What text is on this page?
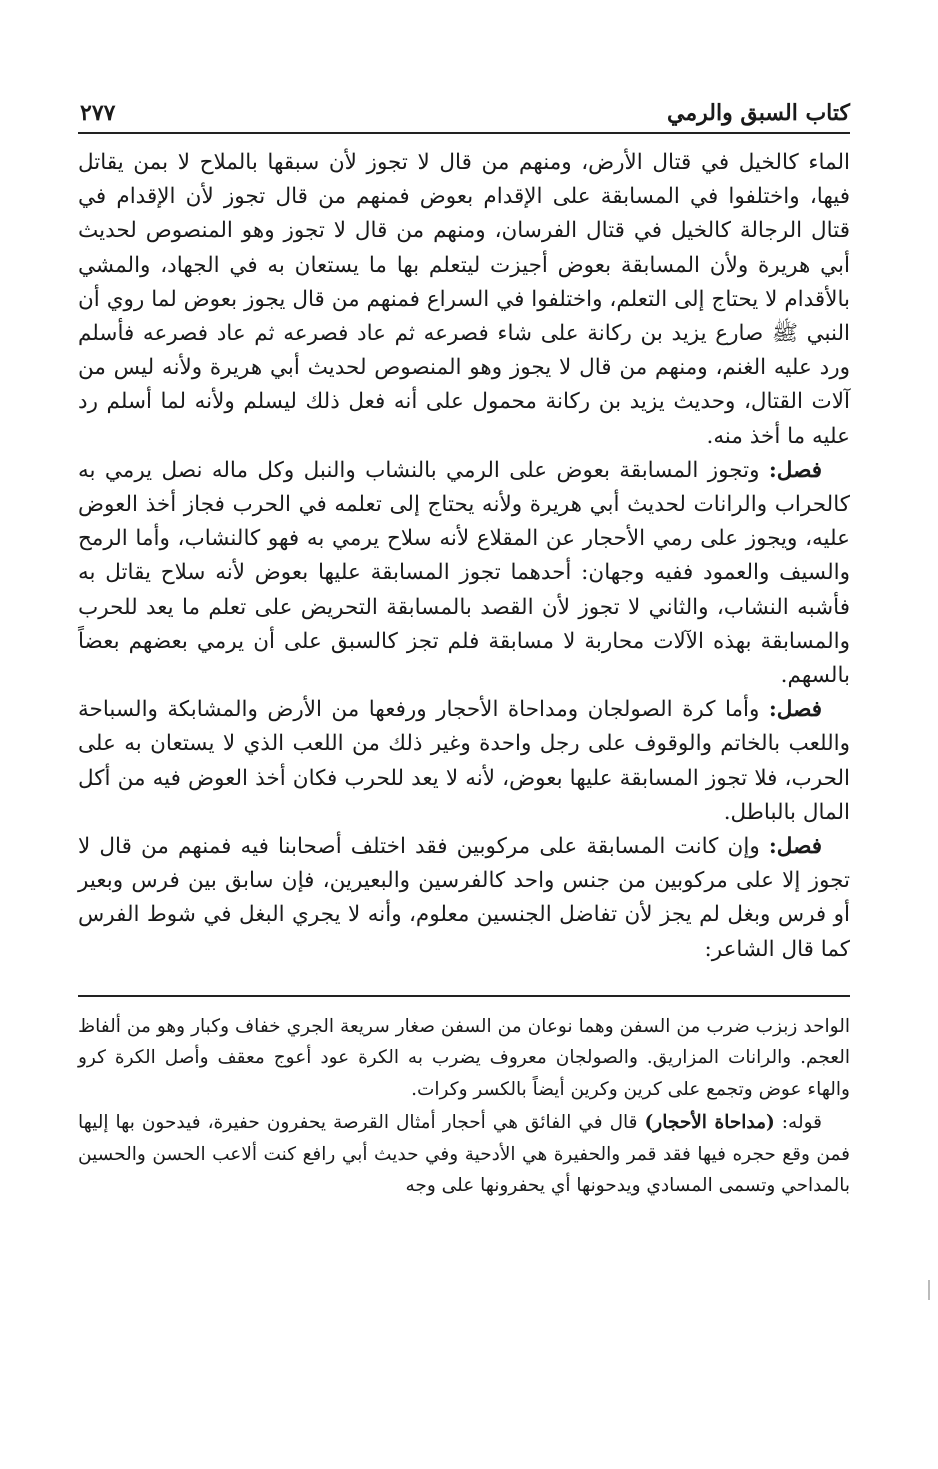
كتاب السبق والرمي
٢٧٧

الماء كالخيل في قتال الأرض، ومنهم من قال لا تجوز لأن سبقها بالملاح لا بمن يقاتل فيها، واختلفوا في المسابقة على الإقدام بعوض فمنهم من قال تجوز لأن الإقدام في قتال الرجالة كالخيل في قتال الفرسان، ومنهم من قال لا تجوز وهو المنصوص لحديث أبي هريرة ولأن المسابقة بعوض أجيزت ليتعلم بها ما يستعان به في الجهاد، والمشي بالأقدام لا يحتاج إلى التعلم، واختلفوا في السراع فمنهم من قال يجوز بعوض لما روي أن النبي ﷺ صارع يزيد بن ركانة على شاء فصرعه ثم عاد فصرعه ثم عاد فصرعه فأسلم ورد عليه الغنم، ومنهم من قال لا يجوز وهو المنصوص لحديث أبي هريرة ولأنه ليس من آلات القتال، وحديث يزيد بن ركانة محمول على أنه فعل ذلك ليسلم ولأنه لما أسلم رد عليه ما أخذ منه.

فصل: وتجوز المسابقة بعوض على الرمي بالنشاب والنبل وكل ماله نصل يرمي به كالحراب والرانات لحديث أبي هريرة ولأنه يحتاج إلى تعلمه في الحرب فجاز أخذ العوض عليه، ويجوز على رمي الأحجار عن المقلاع لأنه سلاح يرمي به فهو كالنشاب، وأما الرمح والسيف والعمود ففيه وجهان: أحدهما تجوز المسابقة عليها بعوض لأنه سلاح يقاتل به فأشبه النشاب، والثاني لا تجوز لأن القصد بالمسابقة التحريض على تعلم ما يعد للحرب والمسابقة بهذه الآلات محاربة لا مسابقة فلم تجز كالسبق على أن يرمي بعضهم بعضاً بالسهم.

فصل: وأما كرة الصولجان ومداحاة الأحجار ورفعها من الأرض والمشابكة والسباحة واللعب بالخاتم والوقوف على رجل واحدة وغير ذلك من اللعب الذي لا يستعان به على الحرب، فلا تجوز المسابقة عليها بعوض، لأنه لا يعد للحرب فكان أخذ العوض فيه من أكل المال بالباطل.

فصل: وإن كانت المسابقة على مركوبين فقد اختلف أصحابنا فيه فمنهم من قال لا تجوز إلا على مركوبين من جنس واحد كالفرسين والبعيرين، فإن سابق بين فرس وبعير أو فرس وبغل لم يجز لأن تفاضل الجنسين معلوم، وأنه لا يجري البغل في شوط الفرس كما قال الشاعر:

الواحد زبزب ضرب من السفن وهما نوعان من السفن صغار سريعة الجري خفاف وكبار وهو من ألفاظ العجم. والرانات المزاريق. والصولجان معروف يضرب به الكرة عود أعوج معقف وأصل الكرة كرو والهاء عوض وتجمع على كرين وكرين أيضاً بالكسر وكرات.

قوله: (مداحاة الأحجار) قال في الفائق هي أحجار أمثال القرصة يحفرون حفيرة، فيدحون بها إليها فمن وقع حجره فيها فقد قمر والحفيرة هي الأدحية وفي حديث أبي رافع كنت ألاعب الحسن والحسين بالمداحي وتسمى المسادي ويدحونها أي يحفرونها على وجه
